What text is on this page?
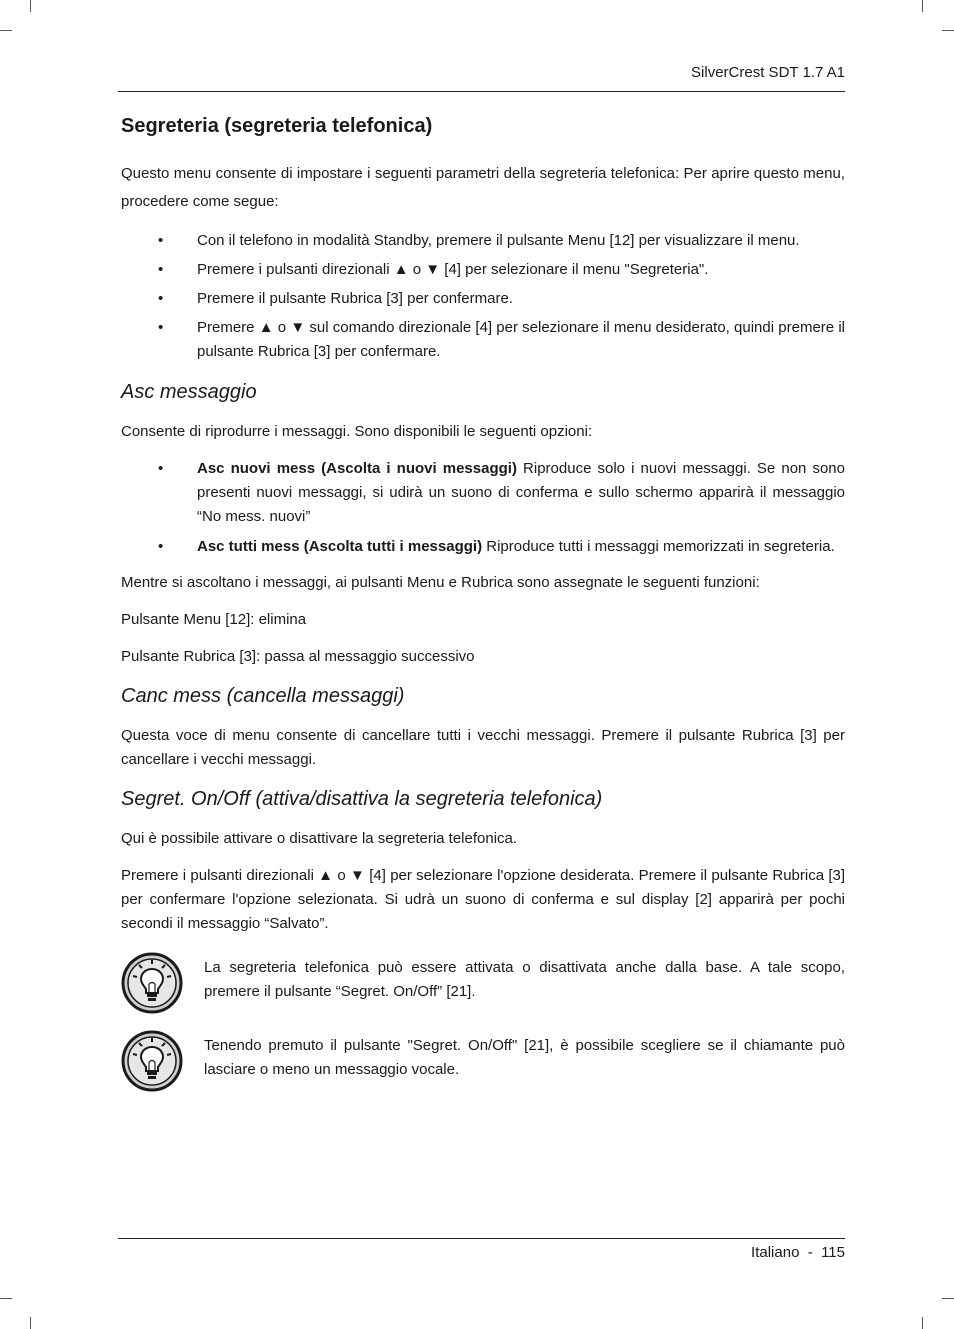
SilverCrest SDT 1.7 A1
Segreteria (segreteria telefonica)

Questo menu consente di impostare i seguenti parametri della segreteria telefonica: Per aprire questo menu, procedere come segue:

• Con il telefono in modalità Standby, premere il pulsante Menu [12] per visualizzare il menu.
• Premere i pulsanti direzionali ▲ o ▼ [4] per selezionare il menu "Segreteria".
• Premere il pulsante Rubrica [3] per confermare.
• Premere ▲ o ▼ sul comando direzionale [4] per selezionare il menu desiderato, quindi premere il pulsante Rubrica [3] per confermare.
Asc messaggio

Consente di riprodurre i messaggi. Sono disponibili le seguenti opzioni:

• Asc nuovi mess (Ascolta i nuovi messaggi) Riproduce solo i nuovi messaggi. Se non sono presenti nuovi messaggi, si udirà un suono di conferma e sullo schermo apparirà il messaggio “No mess. nuovi”
• Asc tutti mess (Ascolta tutti i messaggi) Riproduce tutti i messaggi memorizzati in segreteria.

Mentre si ascoltano i messaggi, ai pulsanti Menu e Rubrica sono assegnate le seguenti funzioni:

Pulsante Menu [12]: elimina

Pulsante Rubrica [3]: passa al messaggio successivo

Canc mess (cancella messaggi)

Questa voce di menu consente di cancellare tutti i vecchi messaggi. Premere il pulsante Rubrica [3] per cancellare i vecchi messaggi.

Segret. On/Off (attiva/disattiva la segreteria telefonica)

Qui è possibile attivare o disattivare la segreteria telefonica.

Premere i pulsanti direzionali ▲ o ▼ [4] per selezionare l'opzione desiderata. Premere il pulsante Rubrica [3] per confermare l'opzione selezionata. Si udrà un suono di conferma e sul display [2] apparirà per pochi secondi il messaggio “Salvato”.

La segreteria telefonica può essere attivata o disattivata anche dalla base. A tale scopo, premere il pulsante “Segret. On/Off” [21].
Tenendo premuto il pulsante "Segret. On/Off" [21], è possibile scegliere se il chiamante può lasciare o meno un messaggio vocale.
Italiano  -  115
